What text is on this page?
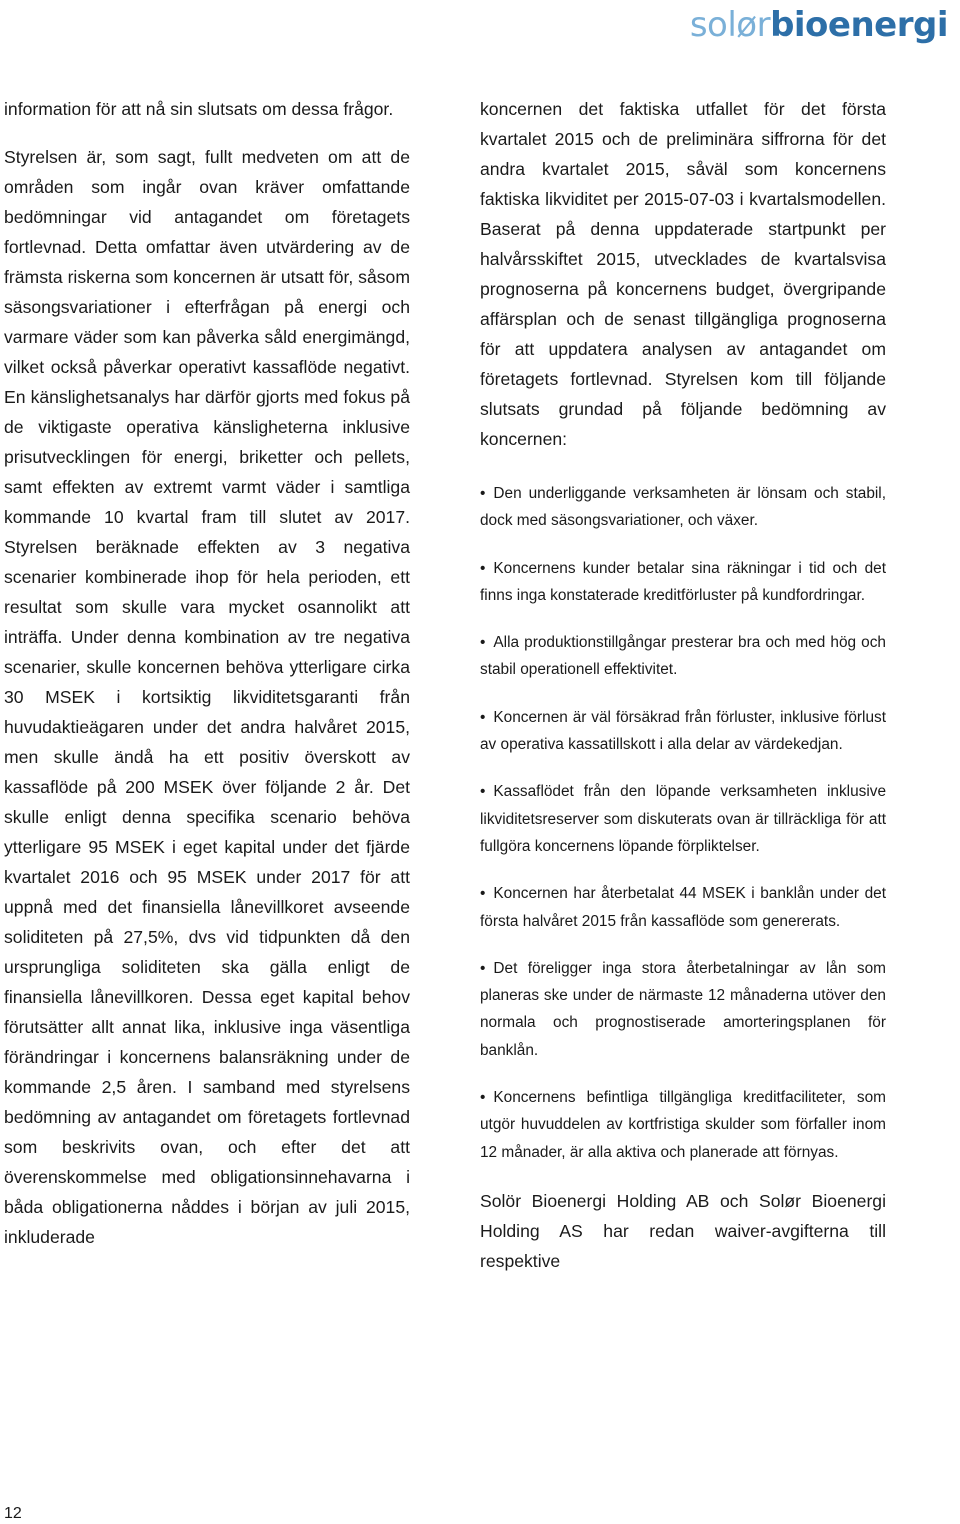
solørbioenergi

information för att nå sin slutsats om dessa frågor.

Styrelsen är, som sagt, fullt medveten om att de områden som ingår ovan kräver omfattande bedömningar vid antagandet om företagets fortlevnad. Detta omfattar även utvärdering av de främsta riskerna som koncernen är utsatt för, såsom säsongsvariationer i efterfrågan på energi och varmare väder som kan påverka såld energimängd, vilket också påverkar operativt kassaflöde negativt. En känslighetsanalys har därför gjorts med fokus på de viktigaste operativa känsligheterna inklusive prisutvecklingen för energi, briketter och pellets, samt effekten av extremt varmt väder i samtliga kommande 10 kvartal fram till slutet av 2017. Styrelsen beräknade effekten av 3 negativa scenarier kombinerade ihop för hela perioden, ett resultat som skulle vara mycket osannolikt att inträffa. Under denna kombination av tre negativa scenarier, skulle koncernen behöva ytterligare cirka 30 MSEK i kortsiktig likviditetsgaranti från huvudaktieägaren under det andra halvåret 2015, men skulle ändå ha ett positiv överskott av kassaflöde på 200 MSEK över följande 2 år. Det skulle enligt denna specifika scenario behöva ytterligare 95 MSEK i eget kapital under det fjärde kvartalet 2016 och 95 MSEK under 2017 för att uppnå med det finansiella lånevillkoret avseende soliditeten på 27,5%, dvs vid tidpunkten då den ursprungliga soliditeten ska gälla enligt de finansiella lånevillkoren. Dessa eget kapital behov förutsätter allt annat lika, inklusive inga väsentliga förändringar i koncernens balansräkning under de kommande 2,5 åren. I samband med styrelsens bedömning av antagandet om företagets fortlevnad som beskrivits ovan, och efter det att överenskommelse med obligationsinnehavarna i båda obligationerna nåddes i början av juli 2015, inkluderade

koncernen det faktiska utfallet för det första kvartalet 2015 och de preliminära siffrorna för det andra kvartalet 2015, såväl som koncernens faktiska likviditet per 2015-07-03 i kvartalsmodellen. Baserat på denna uppdaterade startpunkt per halvårsskiftet 2015, utvecklades de kvartalsvisa prognoserna på koncernens budget, övergripande affärsplan och de senast tillgängliga prognoserna för att uppdatera analysen av antagandet om företagets fortlevnad. Styrelsen kom till följande slutsats grundad på följande bedömning av koncernen:

• Den underliggande verksamheten är lönsam och stabil, dock med säsongsvariationer, och växer.
• Koncernens kunder betalar sina räkningar i tid och det finns inga konstaterade kreditförluster på kundfordringar.
• Alla produktionstillgångar presterar bra och med hög och stabil operationell effektivitet.
• Koncernen är väl försäkrad från förluster, inklusive förlust av operativa kassatillskott i alla delar av värdekedjan.
• Kassaflödet från den löpande verksamheten inklusive likviditetsreserver som diskuterats ovan är tillräckliga för att fullgöra koncernens löpande förpliktelser.
• Koncernen har återbetalat 44 MSEK i banklån under det första halvåret 2015 från kassaflöde som genererats.
• Det föreligger inga stora återbetalningar av lån som planeras ske under de närmaste 12 månaderna utöver den normala och prognostiserade amorteringsplanen för banklån.
• Koncernens befintliga tillgängliga kreditfaciliteter, som utgör huvuddelen av kortfristiga skulder som förfaller inom 12 månader, är alla aktiva och planerade att förnyas.

Solör Bioenergi Holding AB och Solør Bioenergi Holding AS har redan waiver-avgifterna till respektive

12
